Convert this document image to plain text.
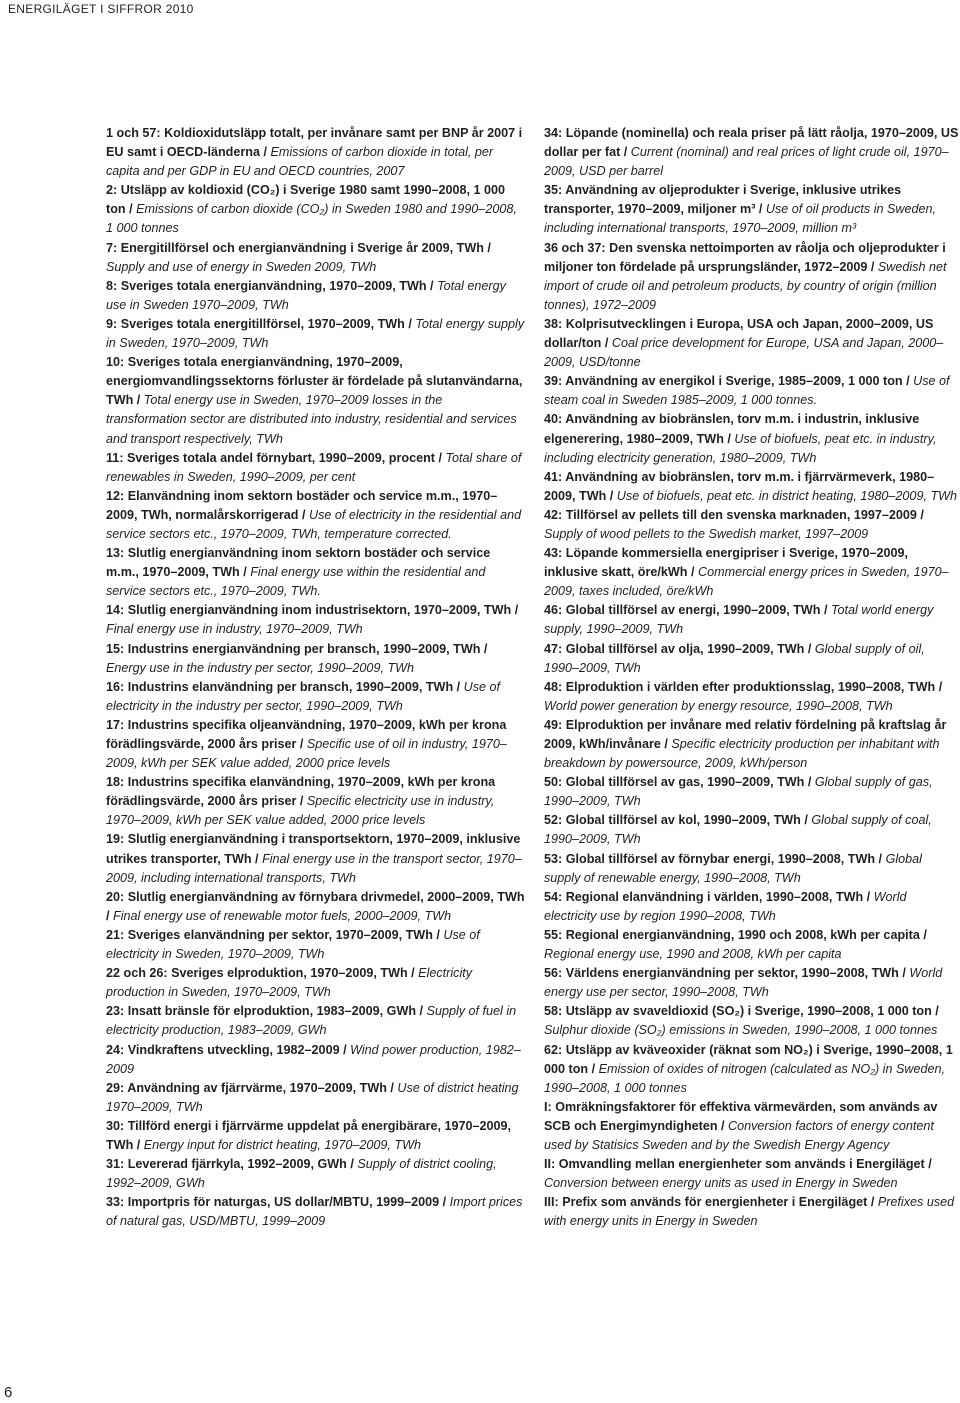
ENERGILÄGET I SIFFROR 2010
1 och 57: Koldioxidutsläpp totalt, per invånare samt per BNP år 2007 i EU samt i OECD-länderna / Emissions of carbon dioxide in total, per capita and per GDP in EU and OECD countries, 2007
2: Utsläpp av koldioxid (CO₂) i Sverige 1980 samt 1990–2008, 1 000 ton / Emissions of carbon dioxide (CO₂) in Sweden 1980 and 1990–2008, 1 000 tonnes
7: Energitillförsel och energianvändning i Sverige år 2009, TWh / Supply and use of energy in Sweden 2009, TWh
8: Sveriges totala energianvändning, 1970–2009, TWh / Total energy use in Sweden 1970–2009, TWh
9: Sveriges totala energitillförsel, 1970–2009, TWh / Total energy supply in Sweden, 1970–2009, TWh
10: Sveriges totala energianvändning, 1970–2009, energiomvandlingssektorns förluster är fördelade på slutanvändarna, TWh / Total energy use in Sweden, 1970–2009 losses in the transformation sector are distributed into industry, residential and services and transport respectively, TWh
11: Sveriges totala andel förnybart, 1990–2009, procent / Total share of renewables in Sweden, 1990–2009, per cent
12: Elanvändning inom sektorn bostäder och service m.m., 1970–2009, TWh, normalårskorrigerad / Use of electricity in the residential and service sectors etc., 1970–2009, TWh, temperature corrected.
13: Slutlig energianvändning inom sektorn bostäder och service m.m., 1970–2009, TWh / Final energy use within the residential and service sectors etc., 1970–2009, TWh.
14: Slutlig energianvändning inom industrisektorn, 1970–2009, TWh / Final energy use in industry, 1970–2009, TWh
15: Industrins energianvändning per bransch, 1990–2009, TWh / Energy use in the industry per sector, 1990–2009, TWh
16: Industrins elanvändning per bransch, 1990–2009, TWh / Use of electricity in the industry per sector, 1990–2009, TWh
17: Industrins specifika oljeanvändning, 1970–2009, kWh per krona förädlingsvärde, 2000 års priser / Specific use of oil in industry, 1970–2009, kWh per SEK value added, 2000 price levels
18: Industrins specifika elanvändning, 1970–2009, kWh per krona förädlingsvärde, 2000 års priser / Specific electricity use in industry, 1970–2009, kWh per SEK value added, 2000 price levels
19: Slutlig energianvändning i transportsektorn, 1970–2009, inklusive utrikes transporter, TWh / Final energy use in the transport sector, 1970–2009, including international transports, TWh
20: Slutlig energianvändning av förnybara drivmedel, 2000–2009, TWh / Final energy use of renewable motor fuels, 2000–2009, TWh
21: Sveriges elanvändning per sektor, 1970–2009, TWh / Use of electricity in Sweden, 1970–2009, TWh
22 och 26: Sveriges elproduktion, 1970–2009, TWh / Electricity production in Sweden, 1970–2009, TWh
23: Insatt bränsle för elproduktion, 1983–2009, GWh / Supply of fuel in electricity production, 1983–2009, GWh
24: Vindkraftens utveckling, 1982–2009 / Wind power production, 1982–2009
29: Användning av fjärrvärme, 1970–2009, TWh / Use of district heating 1970–2009, TWh
30: Tillförd energi i fjärrvärme uppdelat på energibärare, 1970–2009, TWh / Energy input for district heating, 1970–2009, TWh
31: Levererad fjärrkyla, 1992–2009, GWh / Supply of district cooling, 1992–2009, GWh
33: Importpris för naturgas, US dollar/MBTU, 1999–2009 / Import prices of natural gas, USD/MBTU, 1999–2009
34: Löpande (nominella) och reala priser på lätt råolja, 1970–2009, US dollar per fat / Current (nominal) and real prices of light crude oil, 1970–2009, USD per barrel
35: Användning av oljeprodukter i Sverige, inklusive utrikes transporter, 1970–2009, miljoner m³ / Use of oil products in Sweden, including international transports, 1970–2009, million m³
36 och 37: Den svenska nettoimporten av råolja och oljeprodukter i miljoner ton fördelade på ursprungsländer, 1972–2009 / Swedish net import of crude oil and petroleum products, by country of origin (million tonnes), 1972–2009
38: Kolprisutvecklingen i Europa, USA och Japan, 2000–2009, US dollar/ton / Coal price development for Europe, USA and Japan, 2000–2009, USD/tonne
39: Användning av energikol i Sverige, 1985–2009, 1 000 ton / Use of steam coal in Sweden 1985–2009, 1 000 tonnes.
40: Användning av biobränslen, torv m.m. i industrin, inklusive elgenerering, 1980–2009, TWh / Use of biofuels, peat etc. in industry, including electricity generation, 1980–2009, TWh
41: Användning av biobränslen, torv m.m. i fjärrvärmeverk, 1980–2009, TWh / Use of biofuels, peat etc. in district heating, 1980–2009, TWh
42: Tillförsel av pellets till den svenska marknaden, 1997–2009 / Supply of wood pellets to the Swedish market, 1997–2009
43: Löpande kommersiella energipriser i Sverige, 1970–2009, inklusive skatt, öre/kWh / Commercial energy prices in Sweden, 1970–2009, taxes included, öre/kWh
46: Global tillförsel av energi, 1990–2009, TWh / Total world energy supply, 1990–2009, TWh
47: Global tillförsel av olja, 1990–2009, TWh / Global supply of oil, 1990–2009, TWh
48: Elproduktion i världen efter produktionsslag, 1990–2008, TWh / World power generation by energy resource, 1990–2008, TWh
49: Elproduktion per invånare med relativ fördelning på kraftslag år 2009, kWh/invånare / Specific electricity production per inhabitant with breakdown by powersource, 2009, kWh/person
50: Global tillförsel av gas, 1990–2009, TWh / Global supply of gas, 1990–2009, TWh
52: Global tillförsel av kol, 1990–2009, TWh / Global supply of coal, 1990–2009, TWh
53: Global tillförsel av förnybar energi, 1990–2008, TWh / Global supply of renewable energy, 1990–2008, TWh
54: Regional elanvändning i världen, 1990–2008, TWh / World electricity use by region 1990–2008, TWh
55: Regional energianvändning, 1990 och 2008, kWh per capita / Regional energy use, 1990 and 2008, kWh per capita
56: Världens energianvändning per sektor, 1990–2008, TWh / World energy use per sector, 1990–2008, TWh
58: Utsläpp av svaveldioxid (SO₂) i Sverige, 1990–2008, 1 000 ton / Sulphur dioxide (SO₂) emissions in Sweden, 1990–2008, 1 000 tonnes
62: Utsläpp av kväveoxider (räknat som NO₂) i Sverige, 1990–2008, 1 000 ton / Emission of oxides of nitrogen (calculated as NO₂) in Sweden, 1990–2008, 1 000 tonnes
I: Omräkningsfaktorer för effektiva värmevärden, som används av SCB och Energimyndigheten / Conversion factors of energy content used by Statisics Sweden and by the Swedish Energy Agency
II: Omvandling mellan energienheter som används i Energiläget / Conversion between energy units as used in Energy in Sweden
III: Prefix som används för energienheter i Energiläget / Prefixes used with energy units in Energy in Sweden
6
